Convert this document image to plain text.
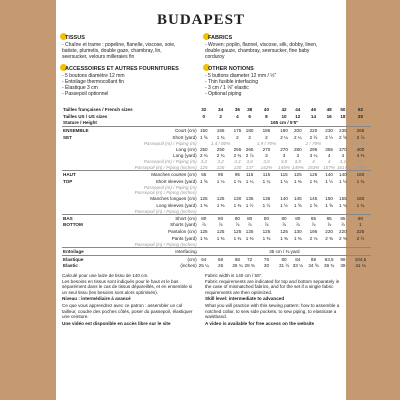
BUDAPEST
TISSUS
- Chaîne et trame : popeline, flanelle, viscose, soie,
batiste, plumetis, double gaze, chambray, lin,
seersucker, velours milleraies fin
ACCESSOIRES ET AUTRES FOURNITURES
- 5 boutons diamètre 12 mm
- Entoilage thermocollant fin
- Élastique 3 cm
- Passepoil optionnel
FABRICS
- Woven: poplin, flannel, viscose, silk, dobby, linen,
double gauze, chambray, seersucker, fine baby
corduroy
OTHER NOTIONS
- 5 buttons diameter 12 mm / ½"
- Thin fusible interfacing
- 3 cm / 1 ⅛" elastic
- Optional piping
Tailles françaises / French sizes		32	34	36	38	40	42	44	46	48	50	52
Tailles US / US sizes		0	2	4	6	8	10	12	14	16	18	20
Stature / Height		165 cm / 5'5"										
ENSEMBLE	Court (cm)	150	155	175	180	185	190	200	220	230	235	265
SET	Short (yard)	1 ⅝	1 ¾	2	2	2	2 ¼	2 ¼	2 ½	2 ½	2 ⅝	2 ⅞
	Passepoil (m) / Piping (m)		1,4 / 80%			1,9 / 70%			2 / 78%			2,1 / 82%
	Long (cm)	250	250	255	265	270	270	280	295	365	370	400
	Long (yard)	2 ¾	2 ¾	2 ¾	2 ⅞	3	3	3	3 ¼	4	4	4 ⅜
	Passepoil (m) / Piping (m)	3,2	3,2	3,3	3,6	3,6	3,8	3,8	4	4	4,1	4,2
	Passepoil (in) / Piping (inches)	125	126	130	137	142%	145%	149%	153%	157%	161%	165%
HAUT	Manches courtes (cm)	55	95	95	115	115	115	125	125	140	140	160
TOP	Short sleeves (yard)	1 ⅝	1 ⅛	1 ⅛	1 ¼	1 ¼	1 ¼	1 ⅜	1 ⅜	1 ½	1 ½	1 ¾
	Passepoil (m) / Piping (m)											
	Passepoil (in) / Piping (inches)											
	Manches longues (cm)	125	125	130	135	135	140	145	145	150	155	160
	Long sleeves (yard)	1 ⅜	1 ⅜	1 ⅜	1 ½	1 ½	1 ½	1 ⅝	1 ⅝	1 ⅝	1 ¾	1 ¾
	Passepoil (in) / Piping (inches)											
BAS	Short (cm)	80	80	80	80	80	80	80	85	85	85	90
BOTTOM	Shorts (yard)	⅞	⅞	⅞	⅞	⅞	⅞	⅞	⅞	⅞	⅞	1
	Pantalon (cm)	125	125	125	125	125	125	130	195	220	220	225
	Pants (yard)	1 ⅜	1 ⅜	1 ⅜	1 ⅜	1 ⅜	1 ⅜	1 ⅜	2 ⅛	2 ⅜	2 ⅜	2 ½
	Passepoil (in) / Piping (inches)											
Entoilage	Interfacing	35 cm / ⅜ yard										
Elastique	(cm)	64	66	68	72	76	80	84	88	93,5	99	104,5
Elastic	(inches)	25 ¼	26	26 ¾	28 ⅜	30	31 ½	33 ⅛	34 ⅝	36 ¾	39	41 ⅛

Calculé pour une laize de tissu de 140 cm.
Les besoins en tissus sont indiqués pour le haut et le bas séparément dans le cas de tissus dépareillés, et en ensemble si un seul tissu (les besoins sont alors optimisés).

Niveau : intermédiaire à avancé

Ce que vous apprendrez avec ce patron : assembler un col tailleur, coudre des poches côtés, poser du passepoil, élastiquer une ceinture.

Une vidéo est disponible en accès libre sur le site

Fabric width is 140 cm / 55".
Fabric requirements are indicated for top and bottom separately in the case of mismatched fabrics, and for the set if a single fabric requirements are then optimized.

Skill level: intermediate to advanced

What you will practice with this sewing pattern: how to assemble a notched collar, to sew side pockets, to sew piping, to elasticate a waistband.

A video is available for free access on the website
